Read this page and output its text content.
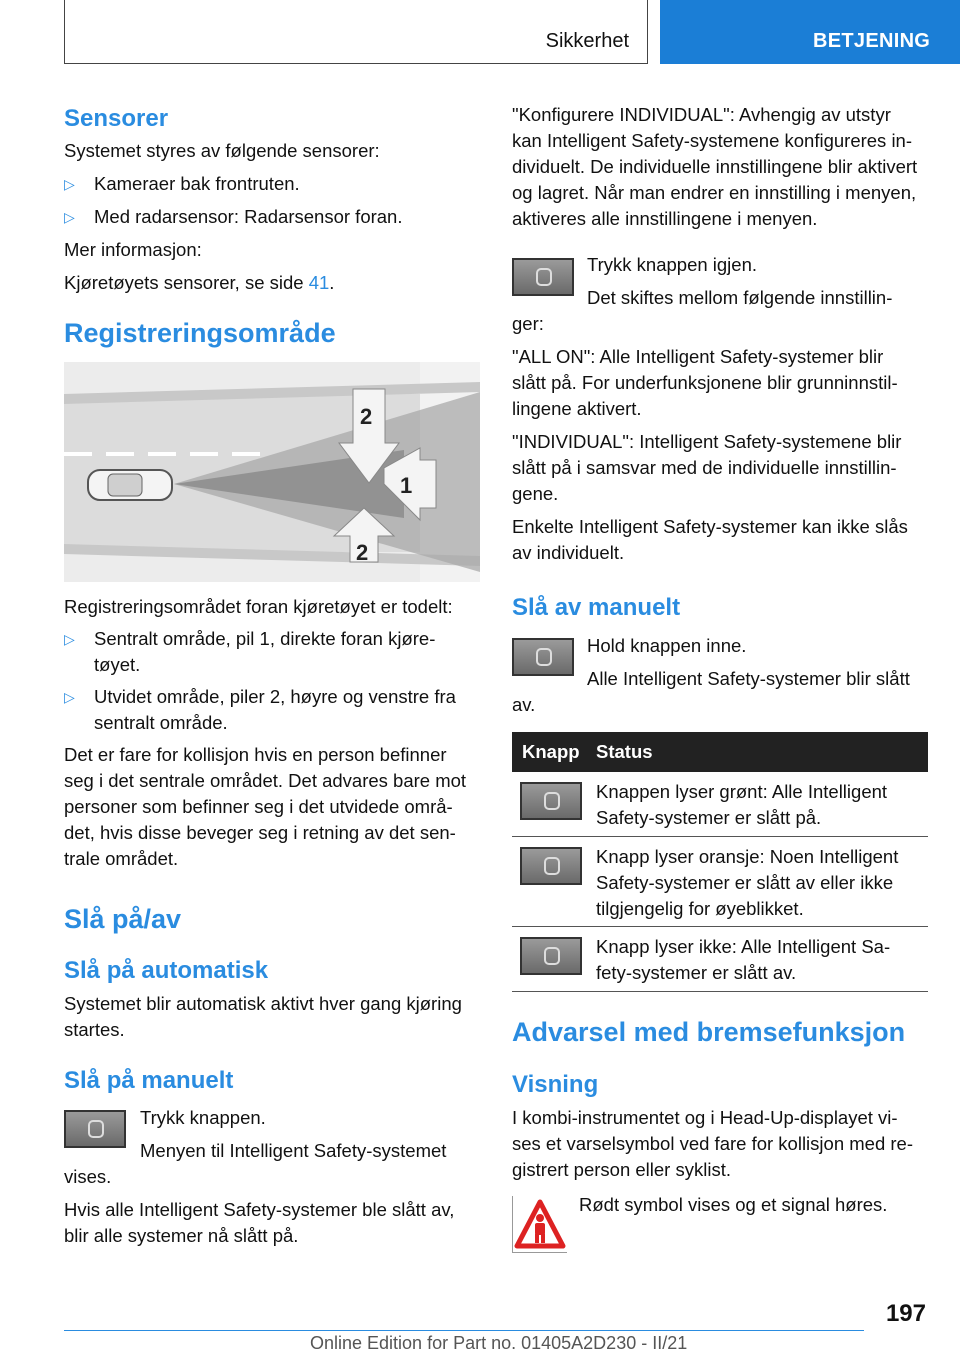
Sikkerhet	BETJENING

Sensorer

Systemet styres av følgende sensorer:

▷ Kameraer bak frontruten.

▷ Med radarsensor: Radarsensor foran.

Mer informasjon:

Kjøretøyets sensorer, se side 41.

Registreringsområde

2
1
2

Registreringsområdet foran kjøretøyet er todelt:

▷ Sentralt område, pil 1, direkte foran kjøre-

tøyet.

▷ Utvidet område, piler 2, høyre og venstre fra

sentralt område.

Det er fare for kollisjon hvis en person befinner

seg i det sentrale området. Det advares bare mot

personer som befinner seg i det utvidede områ-

det, hvis disse beveger seg i retning av det sen-

trale området.

Slå på/av

Slå på automatisk

Systemet blir automatisk aktivt hver gang kjøring

startes.

Slå på manuelt

Trykk knappen.

Menyen til Intelligent Safety-systemet

vises.

Hvis alle Intelligent Safety-systemer ble slått av,

blir alle systemer nå slått på.

"Konfigurere INDIVIDUAL": Avhengig av utstyr

kan Intelligent Safety-systemene konfigureres in-

dividuelt. De individuelle innstillingene blir aktivert

og lagret. Når man endrer en innstilling i menyen,

aktiveres alle innstillingene i menyen.

Trykk knappen igjen.

Det skiftes mellom følgende innstillin-

ger:

"ALL ON": Alle Intelligent Safety-systemer blir

slått på. For underfunksjonene blir grunninnstil-

lingene aktivert.

"INDIVIDUAL": Intelligent Safety-systemene blir

slått på i samsvar med de individuelle innstillin-

gene.

Enkelte Intelligent Safety-systemer kan ikke slås

av individuelt.

Slå av manuelt

Hold knappen inne.

Alle Intelligent Safety-systemer blir slått

av.

Knapp Status

Knappen lyser grønt: Alle Intelligent

Safety-systemer er slått på.

Knapp lyser oransje: Noen Intelligent

Safety-systemer er slått av eller ikke

tilgjengelig for øyeblikket.

Knapp lyser ikke: Alle Intelligent Sa-

fety-systemer er slått av.

Advarsel med bremsefunksjon

Visning

I kombi-instrumentet og i Head-Up-displayet vi-

ses et varselsymbol ved fare for kollisjon med re-

gistrert person eller syklist.

Rødt symbol vises og et signal høres.

197
Online Edition for Part no. 01405A2D230 - II/21
